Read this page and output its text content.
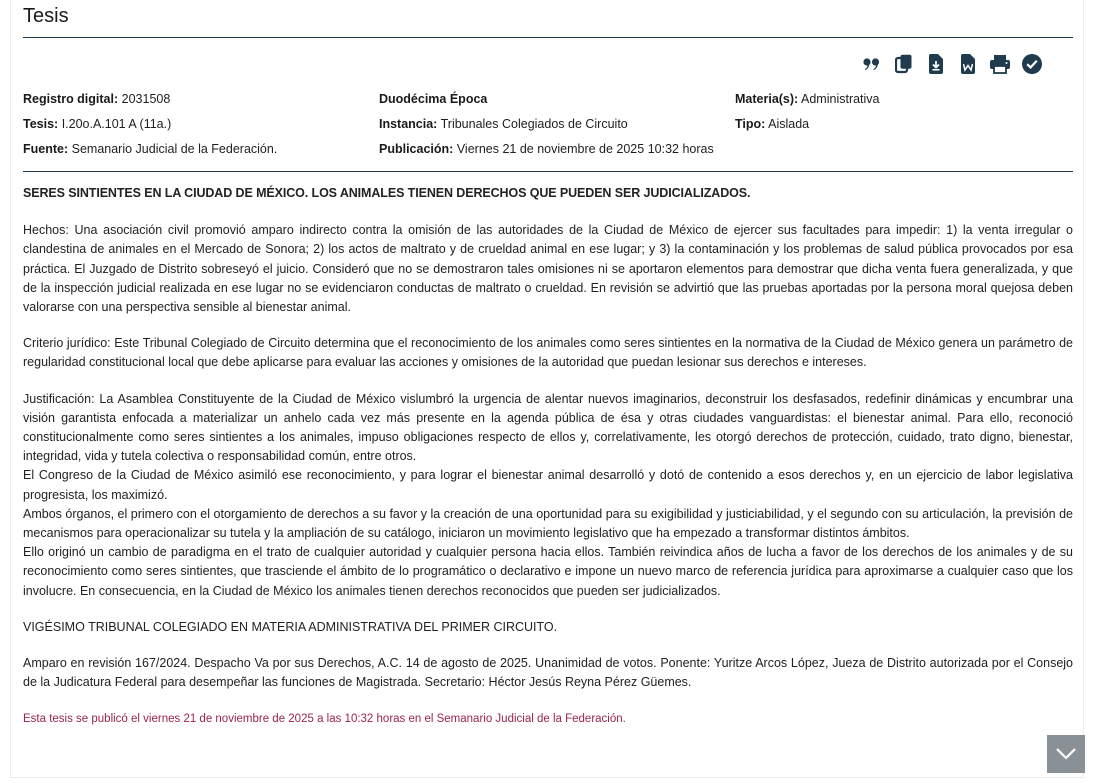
Tesis
Registro digital: 2031508
Tesis: I.20o.A.101 A (11a.)
Fuente: Semanario Judicial de la Federación.
Duodécima Época
Instancia: Tribunales Colegiados de Circuito
Publicación: Viernes 21 de noviembre de 2025 10:32 horas
Materia(s): Administrativa
Tipo: Aislada

SERES SINTIENTES EN LA CIUDAD DE MÉXICO. LOS ANIMALES TIENEN DERECHOS QUE PUEDEN SER JUDICIALIZADOS.

Hechos: Una asociación civil promovió amparo indirecto contra la omisión de las autoridades de la Ciudad de México de ejercer sus facultades para impedir: 1) la venta irregular o clandestina de animales en el Mercado de Sonora; 2) los actos de maltrato y de crueldad animal en ese lugar; y 3) la contaminación y los problemas de salud pública provocados por esa práctica. El Juzgado de Distrito sobreseyó el juicio. Consideró que no se demostraron tales omisiones ni se aportaron elementos para demostrar que dicha venta fuera generalizada, y que de la inspección judicial realizada en ese lugar no se evidenciaron conductas de maltrato o crueldad. En revisión se advirtió que las pruebas aportadas por la persona moral quejosa deben valorarse con una perspectiva sensible al bienestar animal.

Criterio jurídico: Este Tribunal Colegiado de Circuito determina que el reconocimiento de los animales como seres sintientes en la normativa de la Ciudad de México genera un parámetro de regularidad constitucional local que debe aplicarse para evaluar las acciones y omisiones de la autoridad que puedan lesionar sus derechos e intereses.

Justificación: La Asamblea Constituyente de la Ciudad de México vislumbró la urgencia de alentar nuevos imaginarios, deconstruir los desfasados, redefinir dinámicas y encumbrar una visión garantista enfocada a materializar un anhelo cada vez más presente en la agenda pública de ésa y otras ciudades vanguardistas: el bienestar animal. Para ello, reconoció constitucionalmente como seres sintientes a los animales, impuso obligaciones respecto de ellos y, correlativamente, les otorgó derechos de protección, cuidado, trato digno, bienestar, integridad, vida y tutela colectiva o responsabilidad común, entre otros.

El Congreso de la Ciudad de México asimiló ese reconocimiento, y para lograr el bienestar animal desarrolló y dotó de contenido a esos derechos y, en un ejercicio de labor legislativa progresista, los maximizó.

Ambos órganos, el primero con el otorgamiento de derechos a su favor y la creación de una oportunidad para su exigibilidad y justiciabilidad, y el segundo con su articulación, la previsión de mecanismos para operacionalizar su tutela y la ampliación de su catálogo, iniciaron un movimiento legislativo que ha empezado a transformar distintos ámbitos.

Ello originó un cambio de paradigma en el trato de cualquier autoridad y cualquier persona hacia ellos. También reivindica años de lucha a favor de los derechos de los animales y de su reconocimiento como seres sintientes, que trasciende el ámbito de lo programático o declarativo e impone un nuevo marco de referencia jurídica para aproximarse a cualquier caso que los involucre. En consecuencia, en la Ciudad de México los animales tienen derechos reconocidos que pueden ser judicializados.

VIGÉSIMO TRIBUNAL COLEGIADO EN MATERIA ADMINISTRATIVA DEL PRIMER CIRCUITO.

Amparo en revisión 167/2024. Despacho Va por sus Derechos, A.C. 14 de agosto de 2025. Unanimidad de votos. Ponente: Yuritze Arcos López, Jueza de Distrito autorizada por el Consejo de la Judicatura Federal para desempeñar las funciones de Magistrada. Secretario: Héctor Jesús Reyna Pérez Güemes.

Esta tesis se publicó el viernes 21 de noviembre de 2025 a las 10:32 horas en el Semanario Judicial de la Federación.
